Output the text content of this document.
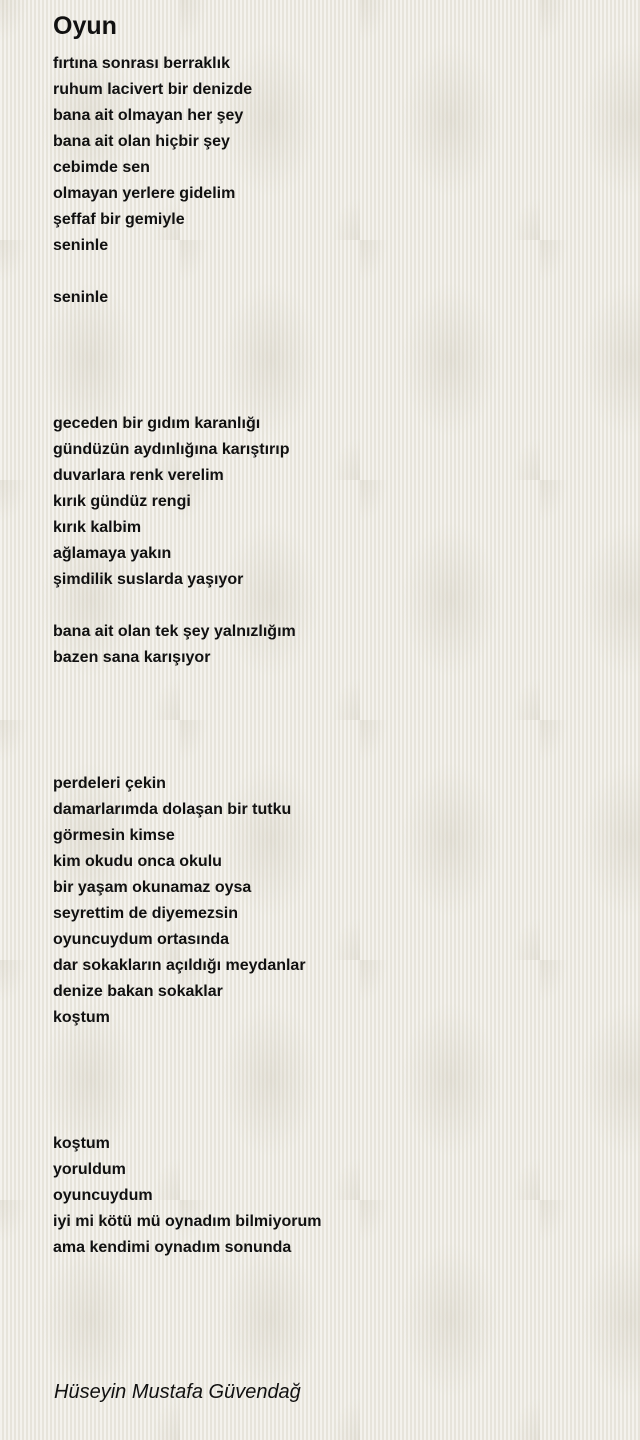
Oyun
fırtına sonrası berraklık
ruhum lacivert bir denizde
bana ait olmayan her şey
bana ait olan hiçbir şey
cebimde sen
olmayan yerlere gidelim
şeffaf bir gemiyle
seninle
seninle
geceden bir gıdım karanlığı
gündüzün aydınlığına karıştırıp
duvarlara renk verelim
kırık gündüz rengi
kırık kalbim
ağlamaya yakın
şimdilik suslarda yaşıyor
bana ait olan tek şey yalnızlığım
bazen sana karışıyor
perdeleri çekin
damarlarımda dolaşan bir tutku
görmesin kimse
kim okudu onca okulu
bir yaşam okunamaz oysa
seyrettim de diyemezsin
oyuncuydum ortasında
dar sokakların açıldığı meydanlar
denize bakan sokaklar
koştum
koştum
yoruldum
oyuncuydum
iyi mi kötü mü oynadım bilmiyorum
ama kendimi oynadım sonunda

Hüseyin Mustafa Güvendağ
